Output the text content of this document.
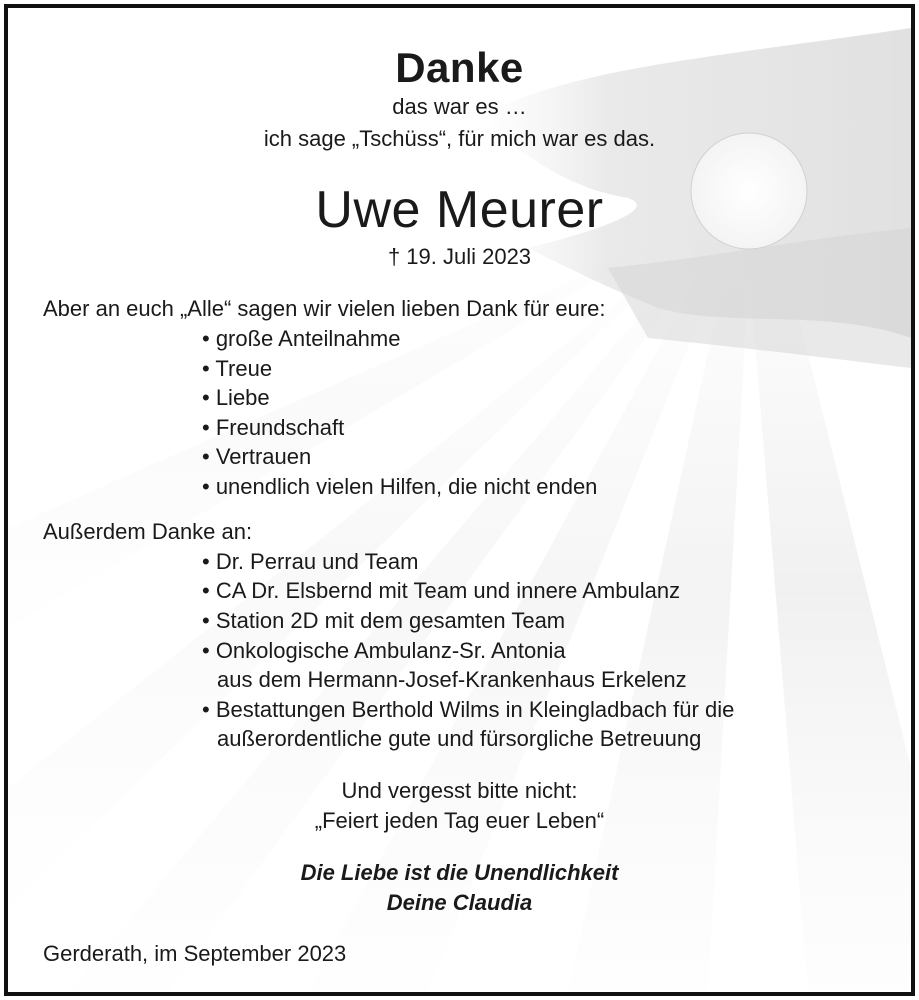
Danke
das war es …
ich sage „Tschüss“, für mich war es das.
Uwe Meurer
† 19. Juli 2023
Aber an euch „Alle“ sagen wir vielen lieben Dank für eure:
• große Anteilnahme
• Treue
• Liebe
• Freundschaft
• Vertrauen
• unendlich vielen Hilfen, die nicht enden
Außerdem Danke an:
• Dr. Perrau und Team
• CA Dr. Elsbernd mit Team und innere Ambulanz
• Station 2D mit dem gesamten Team
• Onkologische Ambulanz-Sr. Antonia
aus dem Hermann-Josef-Krankenhaus Erkelenz
• Bestattungen Berthold Wilms in Kleingladbach für die
außerordentliche gute und fürsorgliche Betreuung
Und vergesst bitte nicht:
„Feiert jeden Tag euer Leben“
Die Liebe ist die Unendlichkeit
Deine Claudia
Gerderath, im September 2023
